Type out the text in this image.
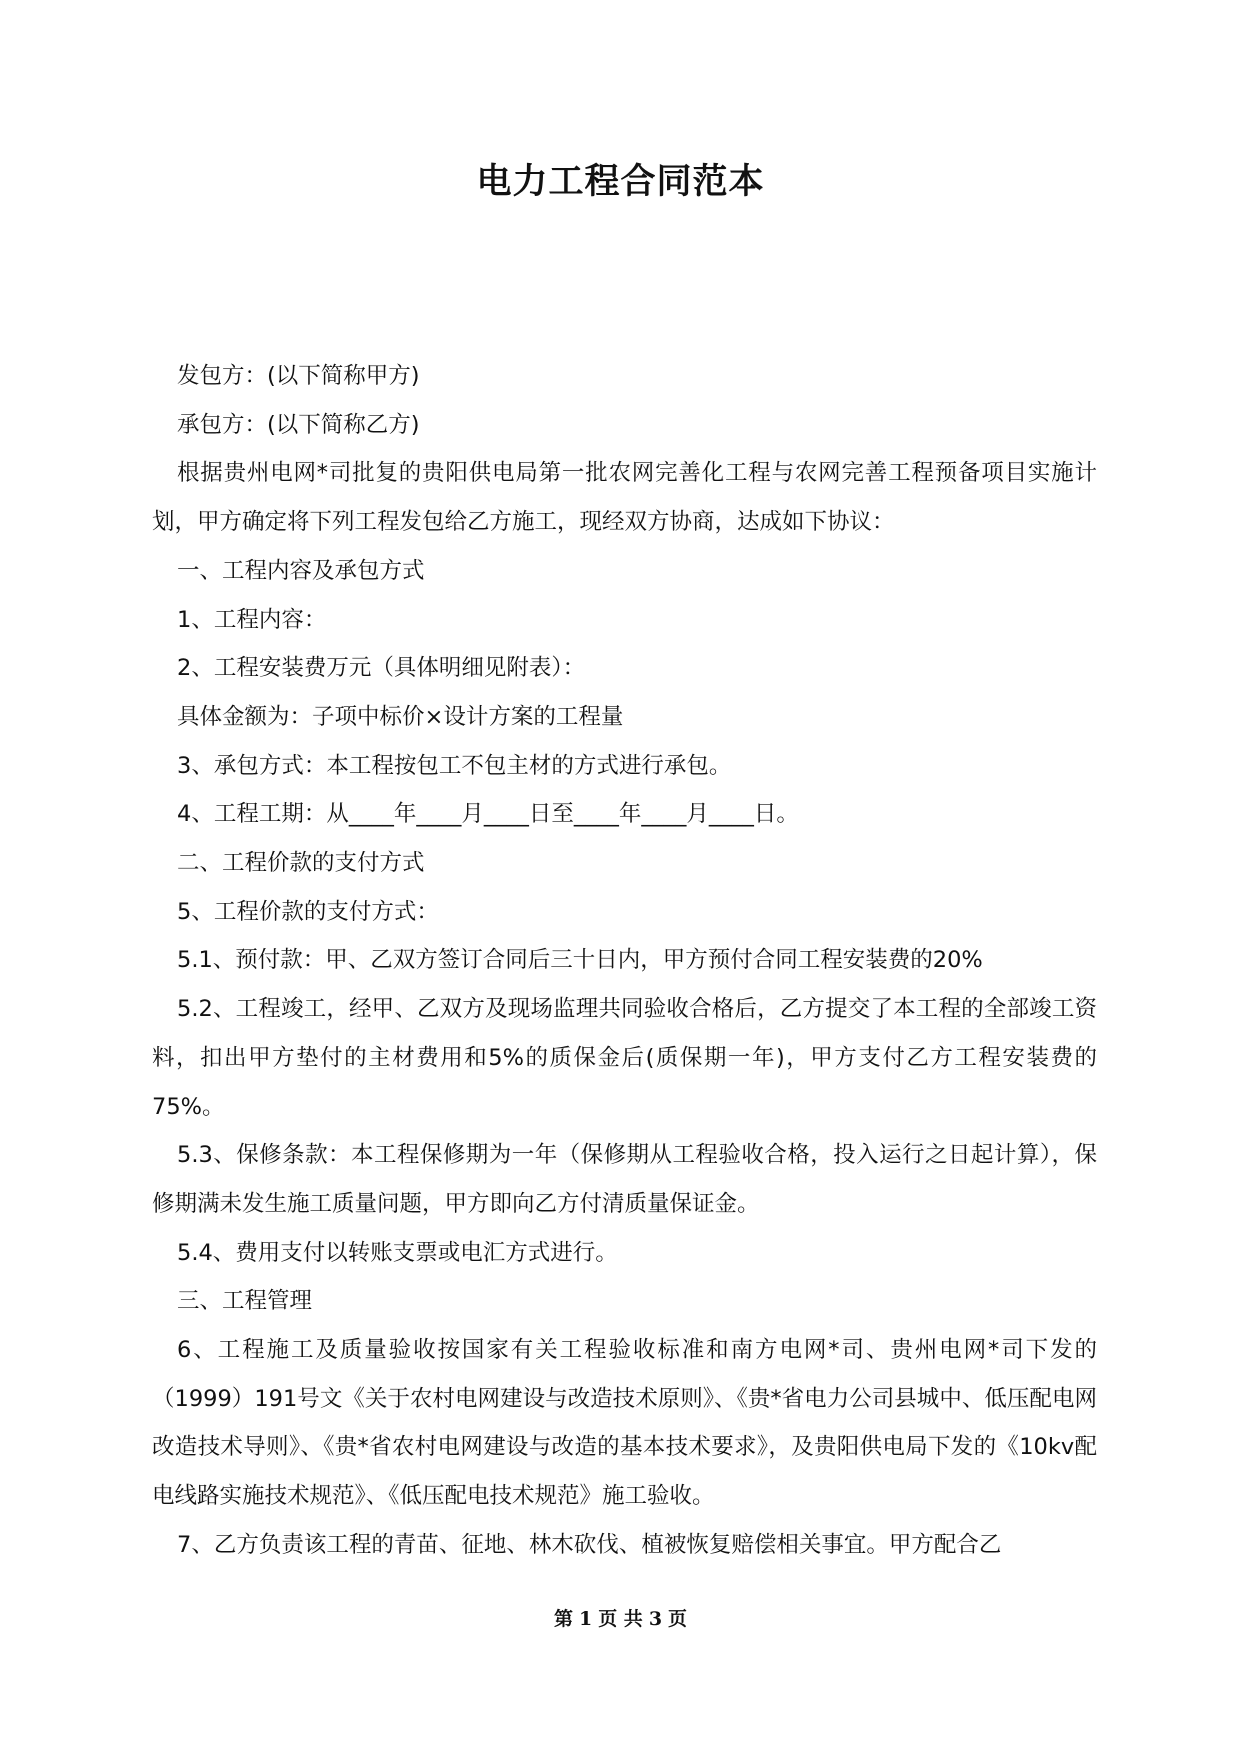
电力工程合同范本

发包方：(以下简称甲方)

承包方：(以下简称乙方)

根据贵州电网*司批复的贵阳供电局第一批农网完善化工程与农网完善工程预备项目实施计划，甲方确定将下列工程发包给乙方施工，现经双方协商，达成如下协议：

一、工程内容及承包方式

1、工程内容：

2、工程安装费万元（具体明细见附表）：

具体金额为：子项中标价×设计方案的工程量

3、承包方式：本工程按包工不包主材的方式进行承包。

4、工程工期：从____年____月____日至____年____月____日。

二、工程价款的支付方式

5、工程价款的支付方式：

5.1、预付款：甲、乙双方签订合同后三十日内，甲方预付合同工程安装费的20%

5.2、工程竣工，经甲、乙双方及现场监理共同验收合格后，乙方提交了本工程的全部竣工资料，扣出甲方垫付的主材费用和5%的质保金后(质保期一年)，甲方支付乙方工程安装费的75%。

5.3、保修条款：本工程保修期为一年（保修期从工程验收合格，投入运行之日起计算），保修期满未发生施工质量问题，甲方即向乙方付清质量保证金。

5.4、费用支付以转账支票或电汇方式进行。

三、工程管理

6、工程施工及质量验收按国家有关工程验收标准和南方电网*司、贵州电网*司下发的（1999）191号文《关于农村电网建设与改造技术原则》、《贵*省电力公司县城中、低压配电网改造技术导则》、《贵*省农村电网建设与改造的基本技术要求》，及贵阳供电局下发的《10kv配电线路实施技术规范》、《低压配电技术规范》施工验收。

7、乙方负责该工程的青苗、征地、林木砍伐、植被恢复赔偿相关事宜。甲方配合乙

第 1 页 共 3 页
